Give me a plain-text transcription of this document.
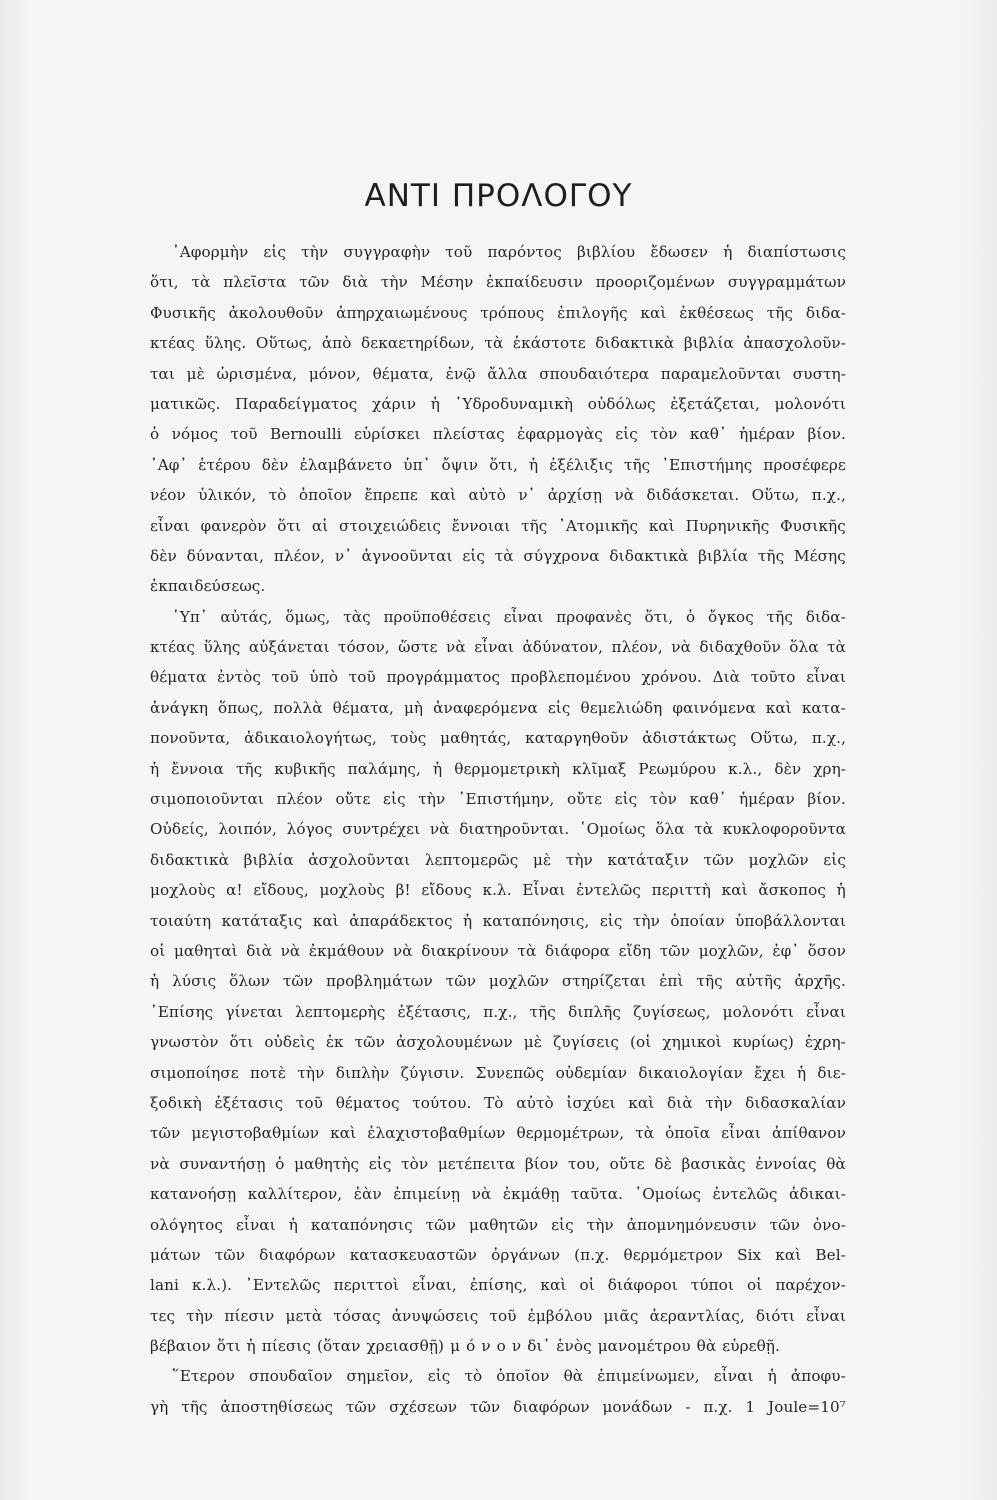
ΑΝΤΙ ΠΡΟΛΟΓΟΥ
᾽Αφορμὴν εἰς τὴν συγγραφὴν τοῦ παρόντος βιβλίου ἔδωσεν ἡ διαπίστωσις
ὅτι, τὰ πλεῖστα τῶν διὰ τὴν Μέσην ἐκπαίδευσιν προοριζομένων συγγραμμάτων
Φυσικῆς ἀκολουθοῦν ἀπηρχαιωμένους τρόπους ἐπιλογῆς καὶ ἐκθέσεως τῆς διδα-
κτέας ὕλης. Οὕτως, ἀπὸ δεκαετηρίδων, τὰ ἑκάστοτε διδακτικὰ βιβλία ἀπασχολοῦν-
ται μὲ ὡρισμένα, μόνον, θέματα, ἐνῷ ἄλλα σπουδαιότερα παραμελοῦνται συστη-
ματικῶς. Παραδείγματος χάριν ἡ ῾Υδροδυναμικὴ οὐδόλως ἐξετάζεται, μολονότι
ὁ νόμος τοῦ Bernoulli εὑρίσκει πλείστας ἐφαρμογὰς εἰς τὸν καθ᾽ ἡμέραν βίον.
᾽Αφ᾽ ἑτέρου δὲν ἐλαμβάνετο ὑπ᾽ ὄψιν ὅτι, ἡ ἐξέλιξις τῆς ᾽Επιστήμης προσέφερε
νέον ὑλικόν, τὸ ὁποῖον ἔπρεπε καὶ αὐτὸ ν᾽ ἀρχίσῃ νὰ διδάσκεται. Οὕτω, π.χ.,
εἶναι φανερὸν ὅτι αἱ στοιχειώδεις ἔννοιαι τῆς ᾽Ατομικῆς καὶ Πυρηνικῆς Φυσικῆς
δὲν δύνανται, πλέον, ν᾽ ἀγνοοῦνται εἰς τὰ σύγχρονα διδακτικὰ βιβλία τῆς Μέσης
ἐκπαιδεύσεως.
῾Υπ᾽ αὐτάς, ὅμως, τὰς προϋποθέσεις εἶναι προφανὲς ὅτι, ὁ ὄγκος τῆς διδα-
κτέας ὕλης αὐξάνεται τόσον, ὥστε νὰ εἶναι ἀδύνατον, πλέον, νὰ διδαχθοῦν ὅλα τὰ
θέματα ἐντὸς τοῦ ὑπὸ τοῦ προγράμματος προβλεπομένου χρόνου. Διὰ τοῦτο εἶναι
ἀνάγκη ὅπως, πολλὰ θέματα, μὴ ἀναφερόμενα εἰς θεμελιώδη φαινόμενα καὶ κατα-
πονοῦντα, ἀδικαιολογήτως, τοὺς μαθητάς, καταργηθοῦν ἀδιστάκτως Οὕτω, π.χ.,
ἡ ἔννοια τῆς κυβικῆς παλάμης, ἡ θερμομετρικὴ κλῖμαξ Ρεωμύρου κ.λ., δὲν χρη-
σιμοποιοῦνται πλέον οὔτε εἰς τὴν ᾽Επιστήμην, οὔτε εἰς τὸν καθ᾽ ἡμέραν βίον.
Οὐδείς, λοιπόν, λόγος συντρέχει νὰ διατηροῦνται. ῾Ομοίως ὅλα τὰ κυκλοφοροῦντα
διδακτικὰ βιβλία ἀσχολοῦνται λεπτομερῶς μὲ τὴν κατάταξιν τῶν μοχλῶν εἰς
μοχλοὺς α! εἴδους, μοχλοὺς β! εἴδους κ.λ. Εἶναι ἐντελῶς περιττὴ καὶ ἄσκοπος ἡ
τοιαύτη κατάταξις καὶ ἀπαράδεκτος ἡ καταπόνησις, εἰς τὴν ὁποίαν ὑποβάλλονται
οἱ μαθηταὶ διὰ νὰ ἐκμάθουν νὰ διακρίνουν τὰ διάφορα εἴδη τῶν μοχλῶν, ἐφ᾽ ὅσον
ἡ λύσις ὅλων τῶν προβλημάτων τῶν μοχλῶν στηρίζεται ἐπὶ τῆς αὐτῆς ἀρχῆς.
᾽Επίσης γίνεται λεπτομερὴς ἐξέτασις, π.χ., τῆς διπλῆς ζυγίσεως, μολονότι εἶναι
γνωστὸν ὅτι οὐδεὶς ἐκ τῶν ἀσχολουμένων μὲ ζυγίσεις (οἱ χημικοὶ κυρίως) ἐχρη-
σιμοποίησε ποτὲ τὴν διπλὴν ζύγισιν. Συνεπῶς οὐδεμίαν δικαιολογίαν ἔχει ἡ διε-
ξοδικὴ ἐξέτασις τοῦ θέματος τούτου. Τὸ αὐτὸ ἰσχύει καὶ διὰ τὴν διδασκαλίαν
τῶν μεγιστοβαθμίων καὶ ἐλαχιστοβαθμίων θερμομέτρων, τὰ ὁποῖα εἶναι ἀπίθανον
νὰ συναντήσῃ ὁ μαθητὴς εἰς τὸν μετέπειτα βίον του, οὔτε δὲ βασικὰς ἐννοίας θὰ
κατανοήσῃ καλλίτερον, ἐὰν ἐπιμείνῃ νὰ ἐκμάθῃ ταῦτα. ῾Ομοίως ἐντελῶς ἀδικαι-
ολόγητος εἶναι ἡ καταπόνησις τῶν μαθητῶν εἰς τὴν ἀπομνημόνευσιν τῶν ὀνο-
μάτων τῶν διαφόρων κατασκευαστῶν ὀργάνων (π.χ. θερμόμετρον Six καὶ Bel-
lani κ.λ.). ᾽Εντελῶς περιττοὶ εἶναι, ἐπίσης, καὶ οἱ διάφοροι τύποι οἱ παρέχον-
τες τὴν πίεσιν μετὰ τόσας ἀνυψώσεις τοῦ ἐμβόλου μιᾶς ἀεραντλίας, διότι εἶναι
βέβαιον ὅτι ἡ πίεσις (ὅταν χρειασθῇ) μ ό ν ο ν δι᾽ ἑνὸς μανομέτρου θὰ εὑρεθῇ.
῞Ετερον σπουδαῖον σημεῖον, εἰς τὸ ὁποῖον θὰ ἐπιμείνωμεν, εἶναι ἡ ἀποφυ-
γὴ τῆς ἀποστηθίσεως τῶν σχέσεων τῶν διαφόρων μονάδων - π.χ. 1 Joule=10⁷
